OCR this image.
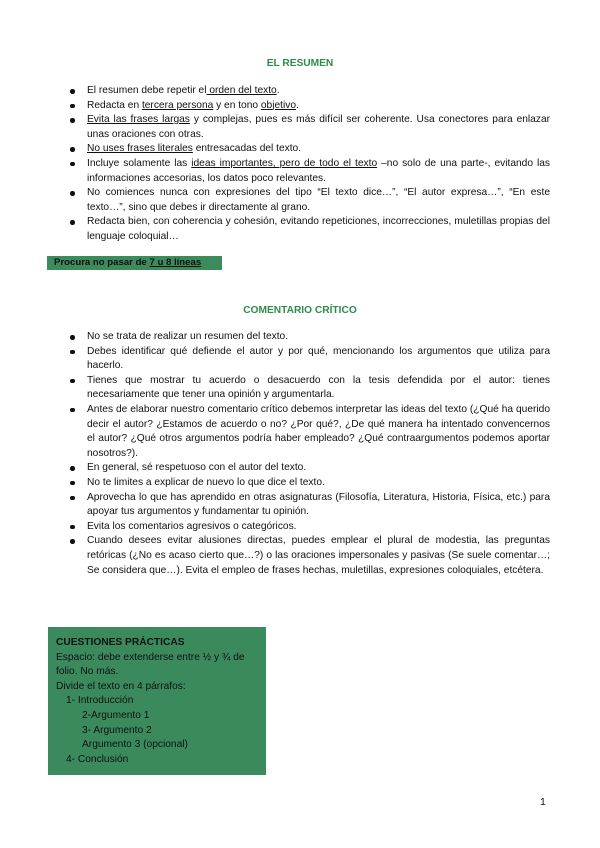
EL RESUMEN
El resumen debe repetir el orden del texto.
Redacta en tercera persona y en tono objetivo.
Evita las frases largas y complejas, pues es más difícil ser coherente. Usa conectores para enlazar unas oraciones con otras.
No uses frases literales entresacadas del texto.
Incluye solamente las ideas importantes, pero de todo el texto –no solo de una parte-, evitando las informaciones accesorias, los datos poco relevantes.
No comiences nunca con expresiones del tipo “El texto dice…”, “El autor expresa…”, “En este texto…”, sino que debes ir directamente al grano.
Redacta bien, con coherencia y cohesión, evitando repeticiones, incorrecciones, muletillas propias del lenguaje coloquial…
Procura no pasar de 7 u 8 líneas
COMENTARIO CRÍTICO
No se trata de realizar un resumen del texto.
Debes identificar qué defiende el autor y por qué, mencionando los argumentos que utiliza para hacerlo.
Tienes que mostrar tu acuerdo o desacuerdo con la tesis defendida por el autor: tienes necesariamente que tener una opinión y argumentarla.
Antes de elaborar nuestro comentario crítico debemos interpretar las ideas del texto (¿Qué ha querido decir el autor? ¿Estamos de acuerdo o no? ¿Por qué?, ¿De qué manera ha intentado convencernos el autor? ¿Qué otros argumentos podría haber empleado? ¿Qué contraargumentos podemos aportar nosotros?).
En general, sé respetuoso con el autor del texto.
No te limites a explicar de nuevo lo que dice el texto.
Aprovecha lo que has aprendido en otras asignaturas (Filosofía, Literatura, Historia, Física, etc.) para apoyar tus argumentos y fundamentar tu opinión.
Evita los comentarios agresivos o categóricos.
Cuando desees evitar alusiones directas, puedes emplear el plural de modestia, las preguntas retóricas (¿No es acaso cierto que…?) o las oraciones impersonales y pasivas (Se suele comentar…; Se considera que…). Evita el empleo de frases hechas, muletillas, expresiones coloquiales, etcétera.
CUESTIONES PRÁCTICAS
Espacio: debe extenderse entre ½ y ¾ de folio. No más.
Divide el texto en 4 párrafos:
1- Introducción
2-Argumento 1
3- Argumento 2
Argumento 3 (opcional)
4- Conclusión
1
